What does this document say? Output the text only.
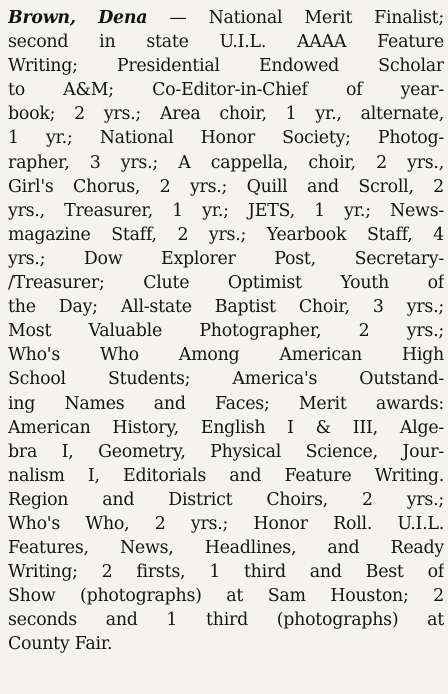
Brown, Dena — National Merit Finalist;
second in state U.I.L. AAAA Feature
Writing; Presidential Endowed Scholar
to A&M; Co-Editor-in-Chief of year-
book; 2 yrs.; Area choir, 1 yr., alternate,
1 yr.; National Honor Society; Photog-
rapher, 3 yrs.; A cappella, choir, 2 yrs.,
Girl's Chorus, 2 yrs.; Quill and Scroll, 2
yrs., Treasurer, 1 yr.; JETS, 1 yr.; News-
magazine Staff, 2 yrs.; Yearbook Staff, 4
yrs.; Dow Explorer Post, Secretary-
/Treasurer; Clute Optimist Youth of
the Day; All-state Baptist Choir, 3 yrs.;
Most Valuable Photographer, 2 yrs.;
Who's Who Among American High
School Students; America's Outstand-
ing Names and Faces; Merit awards:
American History, English I & III, Alge-
bra I, Geometry, Physical Science, Jour-
nalism I, Editorials and Feature Writing.
Region and District Choirs, 2 yrs.;
Who's Who, 2 yrs.; Honor Roll. U.I.L.
Features, News, Headlines, and Ready
Writing; 2 firsts, 1 third and Best of
Show (photographs) at Sam Houston; 2
seconds and 1 third (photographs) at
County Fair.
